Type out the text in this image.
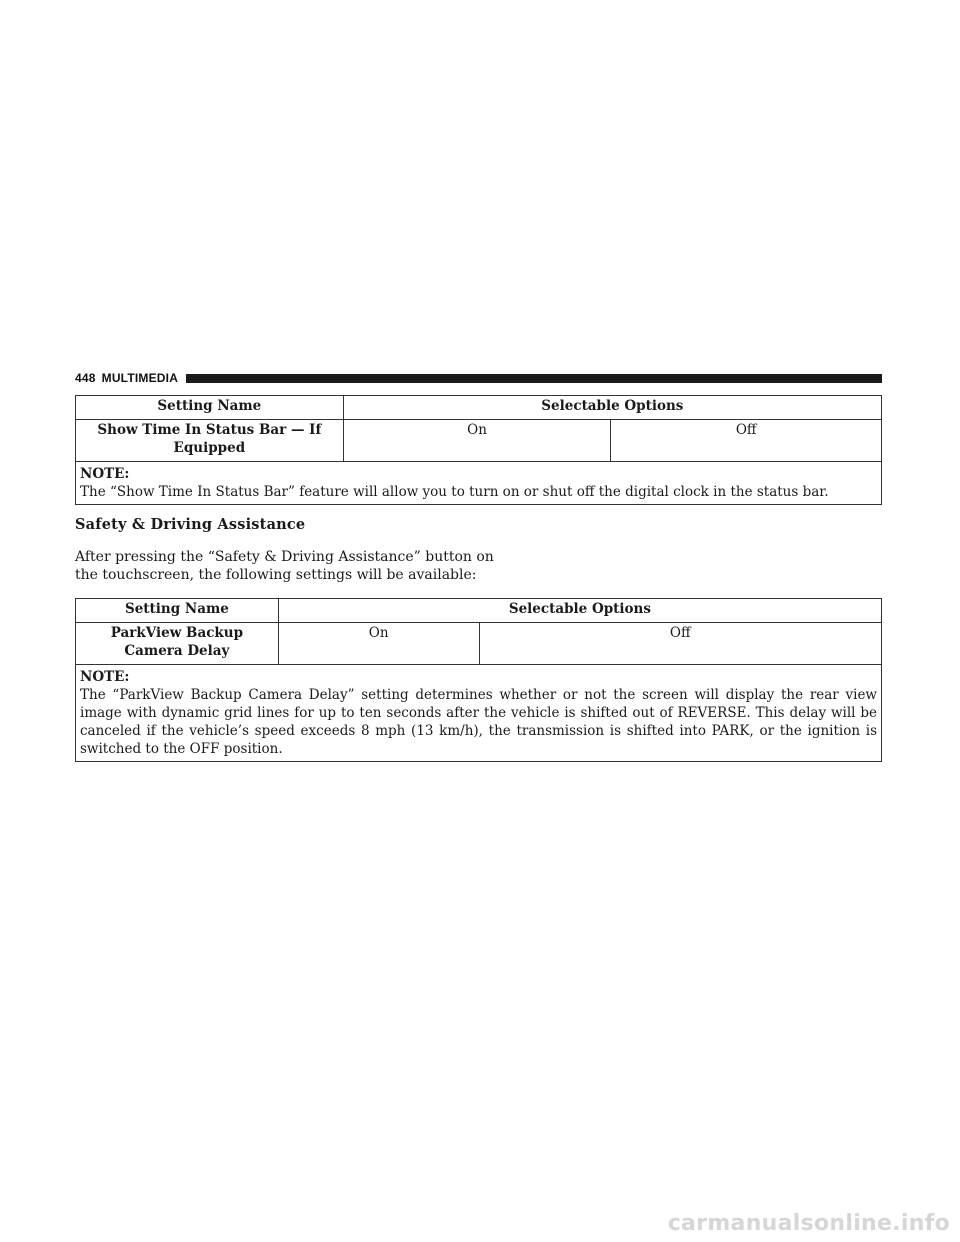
448 MULTIMEDIA
Setting Name	Selectable Options	
Show Time In Status Bar — If Equipped	On	Off

NOTE:
The “Show Time In Status Bar” feature will allow you to turn on or shut off the digital clock in the status bar.		
Safety & Driving Assistance
After pressing the “Safety & Driving Assistance” button on
the touchscreen, the following settings will be available:
Setting Name	Selectable Options	
ParkView Backup Camera Delay	On	Off

NOTE:
The “ParkView Backup Camera Delay” setting determines whether or not the screen will display the rear view image with dynamic grid lines for up to ten seconds after the vehicle is shifted out of REVERSE. This delay will be canceled if the vehicle’s speed exceeds 8 mph (13 km/h), the transmission is shifted into PARK, or the ignition is switched to the OFF position.		
carmanualsonline.info
